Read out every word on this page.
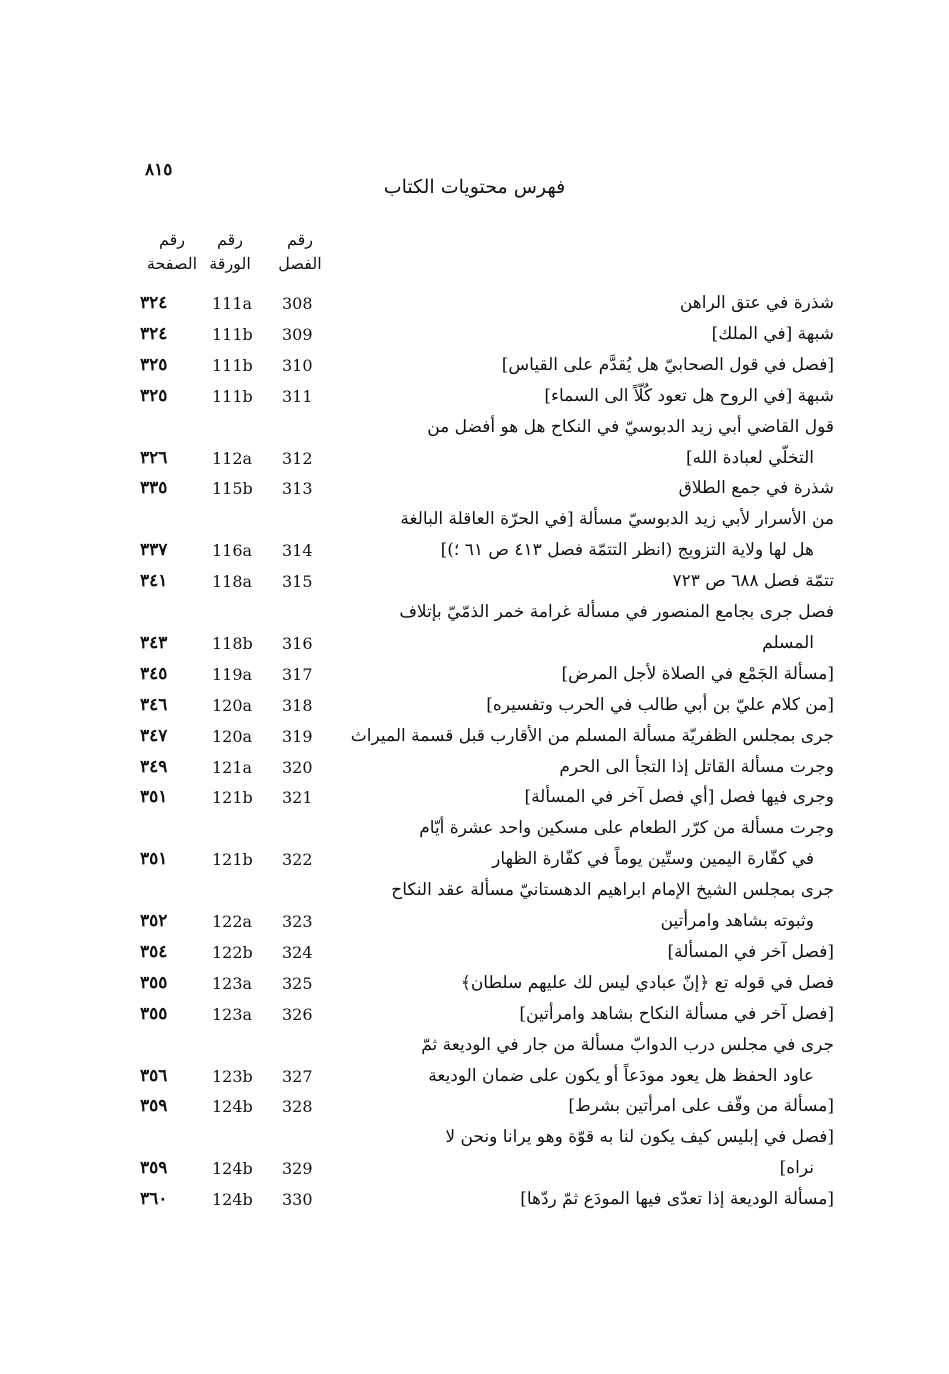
٨١٥
فهرس محتويات الكتاب
رقم
الفصل
رقم
الورقة
رقم
الصفحة
شذرة في عتق الراهن
308
111a
٣٢٤
شبهة [في الملك]
309
111b
٣٢٤
[فصل في قول الصحابيّ هل يُقدَّم على القياس]
310
111b
٣٢٥
شبهة [في الروح هل تعود كُلّاً الى السماء]
311
111b
٣٢٥
قول القاضي أبي زيد الدبوسيّ في النكاح هل هو أفضل من
التخلّي لعبادة الله]
312
112a
٣٢٦
شذرة في جمع الطلاق
313
115b
٣٣٥
من الأسرار لأبي زيد الدبوسيّ مسألة [في الحرّة العاقلة البالغة
هل لها ولاية التزويج (انظر التتمّة فصل ٤١٣ ص ٦١ ؛)]
314
116a
٣٣٧
تتمّة فصل ٦٨٨ ص ٧٢٣
315
118a
٣٤١
فصل جرى بجامع المنصور في مسألة غرامة خمر الذمّيّ بإتلاف
المسلم
316
118b
٣٤٣
[مسألة الجَمْع في الصلاة لأجل المرض]
317
119a
٣٤٥
[من كلام عليّ بن أبي طالب في الحرب وتفسيره]
318
120a
٣٤٦
جرى بمجلس الظفريّة مسألة المسلم من الأقارب قبل قسمة الميراث
319
120a
٣٤٧
وجرت مسألة القاتل إذا التجأ الى الحرم
320
121a
٣٤٩
وجرى فيها فصل [أي فصل آخر في المسألة]
321
121b
٣٥١
وجرت مسألة من كرّر الطعام على مسكين واحد عشرة أيّام
في كفّارة اليمين وستّين يوماً في كفّارة الظهار
322
121b
٣٥١
جرى بمجلس الشيخ الإمام ابراهيم الدهستانيّ مسألة عقد النكاح
وثبوته بشاهد وامرأتين
323
122a
٣٥٢
[فصل آخر في المسألة]
324
122b
٣٥٤
فصل في قوله تع ﴿إنّ عبادي ليس لك عليهم سلطان﴾
325
123a
٣٥٥
[فصل آخر في مسألة النكاح بشاهد وامرأتين]
326
123a
٣٥٥
جرى في مجلس درب الدوابّ مسألة من جار في الوديعة ثمّ
عاود الحفظ هل يعود مودَعاً أو يكون على ضمان الوديعة
327
123b
٣٥٦
[مسألة من وقّف على امرأتين بشرط]
328
124b
٣٥٩
[فصل في إبليس كيف يكون لنا به قوّة وهو يرانا ونحن لا
نراه]
329
124b
٣٥٩
[مسألة الوديعة إذا تعدّى فيها المودَع ثمّ ردّها]
330
124b
٣٦٠
